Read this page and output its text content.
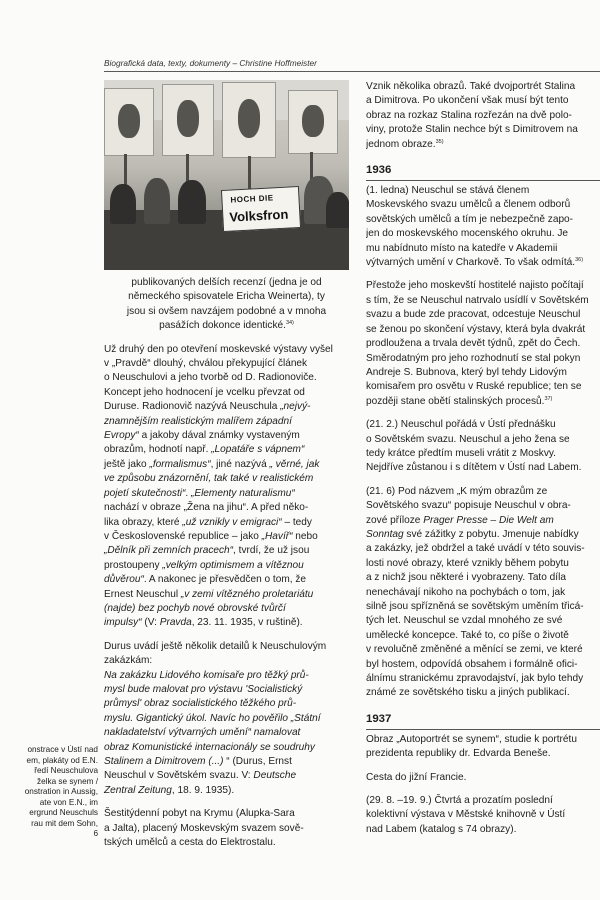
Biografická data, texty, dokumenty – Christine Hoffmeister
HOCH DIE
Volksfron
onstrace v Ústí nad
em, plakáty od E.N.
ředí Neuschulova
želka se synem /
onstration in Aussig,
ate von E.N., im
ergrund Neuschuls
rau mit dem Sohn,
6
publikovaných delších recenzí (jedna je od
německého spisovatele Ericha Weinerta), ty
jsou si ovšem navzájem podobné a v mnoha
pasážích dokonce identické.$^{34)}$
Už druhý den po otevření moskevské výstavy vyšel
v „Pravdě“ dlouhý, chválou překypující článek
o Neuschulovi a jeho tvorbě od D. Radionoviče.
Koncept jeho hodnocení je vcelku převzat od
Duruse. Radionovič nazývá Neuschula „nejvý-
znamnějším realistickým malířem západní
Evropy“ a jakoby dával známky vystaveným
obrazům, hodnotí např. „Lopatáře s vápnem“
ještě jako „formalismus“, jiné nazývá „ věrné, jak
ve způsobu znázornění, tak také v realistickém
pojetí skutečnosti“. „Elementy naturalismu“
nachází v obraze „Žena na jihu“. A před něko-
lika obrazy, které „už vznikly v emigraci“ – tedy
v Československé republice – jako „Havíř“ nebo
„Dělník při zemních pracech“, tvrdí, že už jsou
prostoupeny „velkým optimismem a vítěznou
důvěrou“. A nakonec je přesvědčen o tom, že
Ernest Neuschul „v zemi vítězného proletariátu
(najde) bez pochyb nové obrovské tvůrčí
impulsy“ (V: Pravda, 23. 11. 1935, v ruštině).
Durus uvádí ještě několik detailů k Neuschulovým
zakázkám:
Na zakázku Lidového komisaře pro těžký prů-
mysl bude malovat pro výstavu 'Socialistický
průmysl' obraz socialistického těžkého prů-
myslu. Gigantický úkol. Navíc ho pověřilo „Státní
nakladatelství výtvarných umění“ namalovat
obraz Komunistické internacionály se soudruhy
Stalinem a Dimitrovem (...) “ (Durus, Ernst
Neuschul v Sovětském svazu. V: Deutsche
Zentral Zeitung, 18. 9. 1935).
Šestitýdenní pobyt na Krymu (Alupka-Sara
a Jalta), placený Moskevským svazem sově-
tských umělců a cesta do Elektrostalu.
Vznik několika obrazů. Také dvojportrét Stalina
a Dimitrova. Po ukončení však musí být tento
obraz na rozkaz Stalina rozřezán na dvě polo-
viny, protože Stalin nechce být s Dimitrovem na
jednom obraze.$^{35)}$
1936
(1. ledna) Neuschul se stává členem
Moskevského svazu umělců a členem odborů
sovětských umělců a tím je nebezpečně zapo-
jen do moskevského mocenského okruhu. Je
mu nabídnuto místo na katedře v Akademii
výtvarných umění v Charkově. To však odmítá.$^{36)}$
Přestože jeho moskevští hostitelé najisto počítají
s tím, že se Neuschul natrvalo usídlí v Sovětském
svazu a bude zde pracovat, odcestuje Neuschul
se ženou po skončení výstavy, která byla dvakrát
prodloužena a trvala devět týdnů, zpět do Čech.
Směrodatným pro jeho rozhodnutí se stal pokyn
Andreje S. Bubnova, který byl tehdy Lidovým
komisařem pro osvětu v Ruské republice; ten se
později stane obětí stalinských procesů.$^{37)}$
(21. 2.) Neuschul pořádá v Ústí přednášku
o Sovětském svazu. Neuschul a jeho žena se
tedy krátce předtím museli vrátit z Moskvy.
Nejdříve zůstanou i s dítětem v Ústí nad Labem.
(21. 6) Pod názvem „K mým obrazům ze
Sovětského svazu“ popisuje Neuschul v obra-
zové příloze Prager Presse – Die Welt am
Sonntag své zážitky z pobytu. Jmenuje nabídky
a zakázky, jež obdržel a také uvádí v této souvis-
losti nové obrazy, které vznikly během pobytu
a z nichž jsou některé i vyobrazeny. Tato díla
nenechávají nikoho na pochybách o tom, jak
silně jsou spřízněná se sovětským uměním třicá-
tých let. Neuschul se vzdal mnohého ze své
umělecké koncepce. Také to, co píše o životě
v revolučně změněné a měnící se zemi, ve které
byl hostem, odpovídá obsahem i formálně ofici-
álnímu stranickému zpravodajství, jak bylo tehdy
známé ze sovětského tisku a jiných publikací.
1937
Obraz „Autoportrét se synem“, studie k portrétu
prezidenta republiky dr. Edvarda Beneše.
Cesta do jižní Francie.
(29. 8. –19. 9.) Čtvrtá a prozatím poslední
kolektivní výstava v Městské knihovně v Ústí
nad Labem (katalog s 74 obrazy).
